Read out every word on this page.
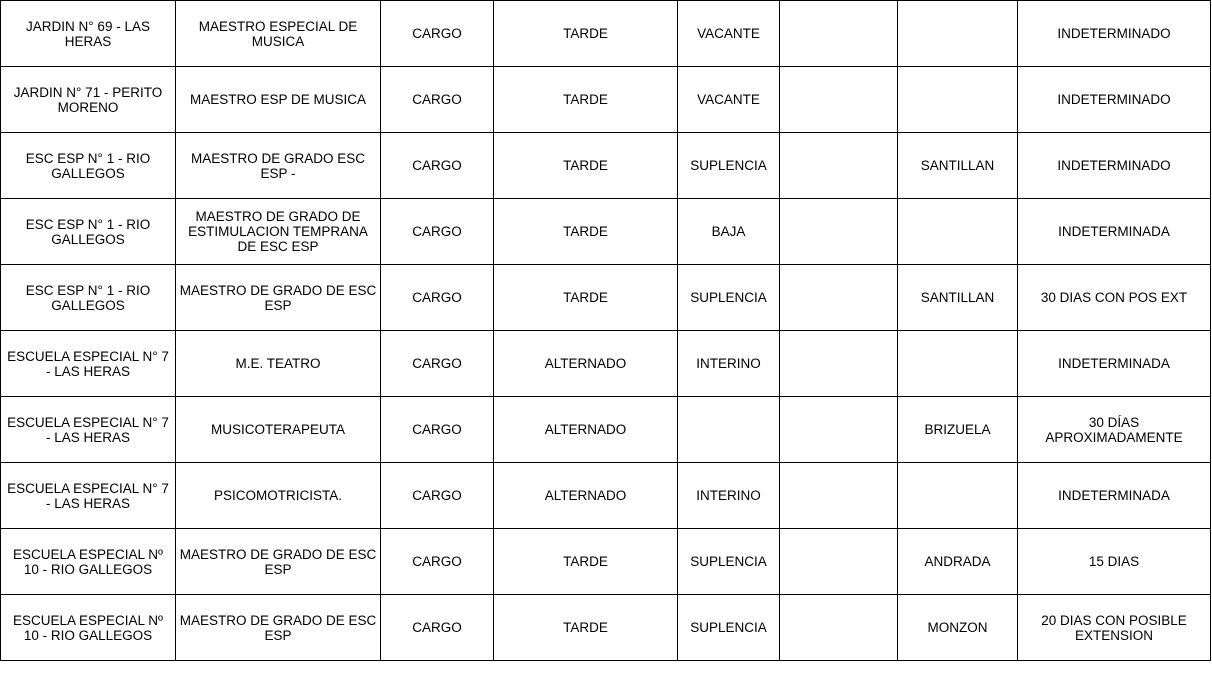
JARDIN N° 69 - LAS HERAS	MAESTRO ESPECIAL DE MUSICA	CARGO	TARDE	VACANTE			INDETERMINADO
JARDIN N° 71 - PERITO MORENO	MAESTRO ESP DE MUSICA	CARGO	TARDE	VACANTE			INDETERMINADO
ESC ESP N° 1 - RIO GALLEGOS	MAESTRO DE GRADO ESC ESP -	CARGO	TARDE	SUPLENCIA		SANTILLAN	INDETERMINADO
ESC ESP N° 1 - RIO GALLEGOS	MAESTRO DE GRADO DE ESTIMULACION TEMPRANA DE ESC ESP	CARGO	TARDE	BAJA			INDETERMINADA
ESC ESP N° 1 - RIO GALLEGOS	MAESTRO DE GRADO DE ESC ESP	CARGO	TARDE	SUPLENCIA		SANTILLAN	30 DIAS CON POS EXT
ESCUELA ESPECIAL N° 7 - LAS HERAS	M.E. TEATRO	CARGO	ALTERNADO	INTERINO			INDETERMINADA
ESCUELA ESPECIAL N° 7 - LAS HERAS	MUSICOTERAPEUTA	CARGO	ALTERNADO			BRIZUELA	30 DÍAS APROXIMADAMENTE
ESCUELA ESPECIAL N° 7 - LAS HERAS	PSICOMOTRICISTA.	CARGO	ALTERNADO	INTERINO			INDETERMINADA
ESCUELA ESPECIAL Nº 10 - RIO GALLEGOS	MAESTRO DE GRADO DE ESC ESP	CARGO	TARDE	SUPLENCIA		ANDRADA	15 DIAS
ESCUELA ESPECIAL Nº 10 - RIO GALLEGOS	MAESTRO DE GRADO DE ESC ESP	CARGO	TARDE	SUPLENCIA		MONZON	20 DIAS CON POSIBLE EXTENSION
